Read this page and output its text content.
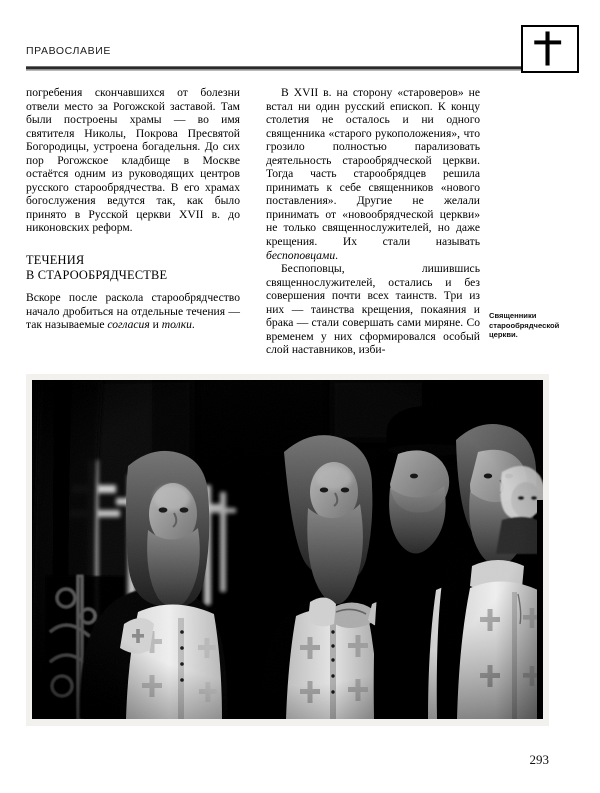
ПРАВОСЛАВИЕ

погребения скончавшихся от болезни отвели место за Рогожской заставой. Там были построены храмы — во имя святителя Николы, Покрова Пресвятой Богородицы, устроена богадельня. До сих пор Рогожское кладбище в Москве остаётся одним из руководящих центров русского старообрядчества. В его храмах богослужения ведутся так, как было принято в Русской церкви XVII в. до никоновских реформ.

ТЕЧЕНИЯ
В СТАРООБРЯДЧЕСТВЕ

Вскоре после раскола старообрядчество начало дробиться на отдельные течения — так называемые согласия и толки.

В XVII в. на сторону «староверов» не встал ни один русский епископ. К концу столетия не осталось и ни одного священника «старого рукоположения», что грозило полностью парализовать деятельность старообрядческой церкви. Тогда часть старообрядцев решила принимать к себе священников «нового поставления». Другие не желали принимать от «новообрядческой церкви» не только священнослужителей, но даже крещения. Их стали называть беспоповцами.

Беспоповцы, лишившись священнослужителей, остались и без совершения почти всех таинств. Три из них — таинства крещения, покаяния и брака — стали совершать сами миряне. Со временем у них сформировался особый слой наставников, изби-

Священники
старообрядческой
церкви.
293
